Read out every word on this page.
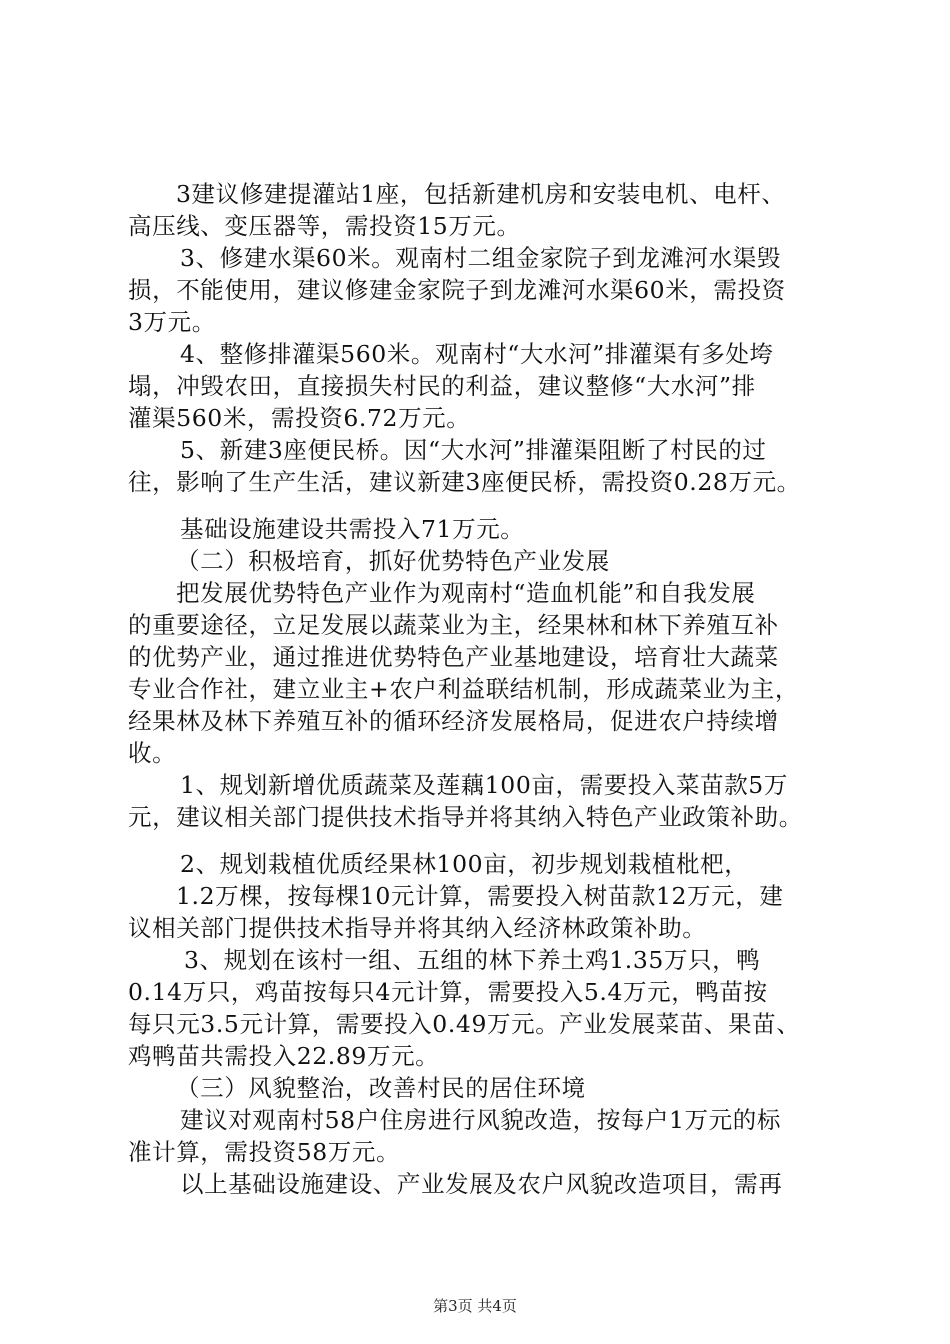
3建议修建提灌站1座，包括新建机房和安装电机、电杆、
高压线、变压器等，需投资15万元。
3、修建水渠60米。观南村二组金家院子到龙滩河水渠毁
损，不能使用，建议修建金家院子到龙滩河水渠60米，需投资
3万元。
4、整修排灌渠560米。观南村“大水河”排灌渠有多处垮
塌，冲毁农田，直接损失村民的利益，建议整修“大水河”排
灌渠560米，需投资6.72万元。
5、新建3座便民桥。因“大水河”排灌渠阻断了村民的过
往，影响了生产生活，建议新建3座便民桥，需投资0.28万元。
基础设施建设共需投入71万元。
（二）积极培育，抓好优势特色产业发展
把发展优势特色产业作为观南村“造血机能”和自我发展
的重要途径，立足发展以蔬菜业为主，经果林和林下养殖互补
的优势产业，通过推进优势特色产业基地建设，培育壮大蔬菜
专业合作社，建立业主+农户利益联结机制，形成蔬菜业为主，
经果林及林下养殖互补的循环经济发展格局，促进农户持续增
收。
1、规划新增优质蔬菜及莲藕100亩，需要投入菜苗款5万
元，建议相关部门提供技术指导并将其纳入特色产业政策补助。
2、规划栽植优质经果林100亩，初步规划栽植枇杷，
1.2万棵，按每棵10元计算，需要投入树苗款12万元，建
议相关部门提供技术指导并将其纳入经济林政策补助。
3、规划在该村一组、五组的林下养土鸡1.35万只，鸭
0.14万只，鸡苗按每只4元计算，需要投入5.4万元，鸭苗按
每只元3.5元计算，需要投入0.49万元。产业发展菜苗、果苗、
鸡鸭苗共需投入22.89万元。
（三）风貌整治，改善村民的居住环境
建议对观南村58户住房进行风貌改造，按每户1万元的标
准计算，需投资58万元。
以上基础设施建设、产业发展及农户风貌改造项目，需再
第3页 共4页
